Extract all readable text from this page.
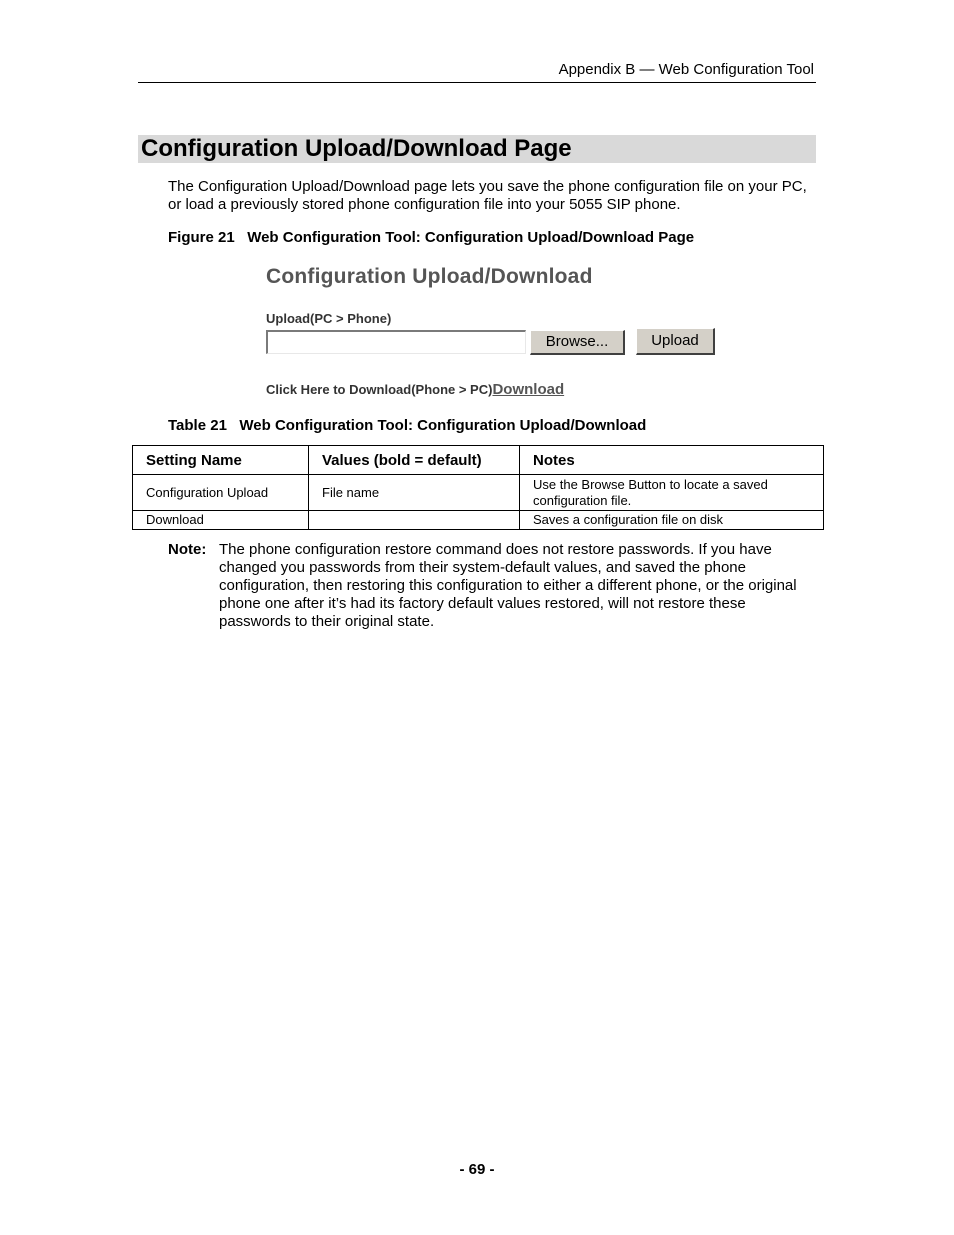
Appendix B — Web Configuration Tool
Configuration Upload/Download Page

The Configuration Upload/Download page lets you save the phone configuration file on your PC, or load a previously stored phone configuration file into your 5055 SIP phone.

Figure 21   Web Configuration Tool: Configuration Upload/Download Page

Configuration Upload/Download
Upload(PC > Phone)
Browse...	Upload
Click Here to Download(Phone > PC)Download

Table 21   Web Configuration Tool: Configuration Upload/Download

Setting Name	Values (bold = default)	Notes
Configuration Upload	File name	Use the Browse Button to locate a saved configuration file.
Download		Saves a configuration file on disk
Note: The phone configuration restore command does not restore passwords. If you have changed you passwords from their system-default values, and saved the phone configuration, then restoring this configuration to either a different phone, or the original phone one after it’s had its factory default values restored, will not restore these passwords to their original state.

- 69 -
